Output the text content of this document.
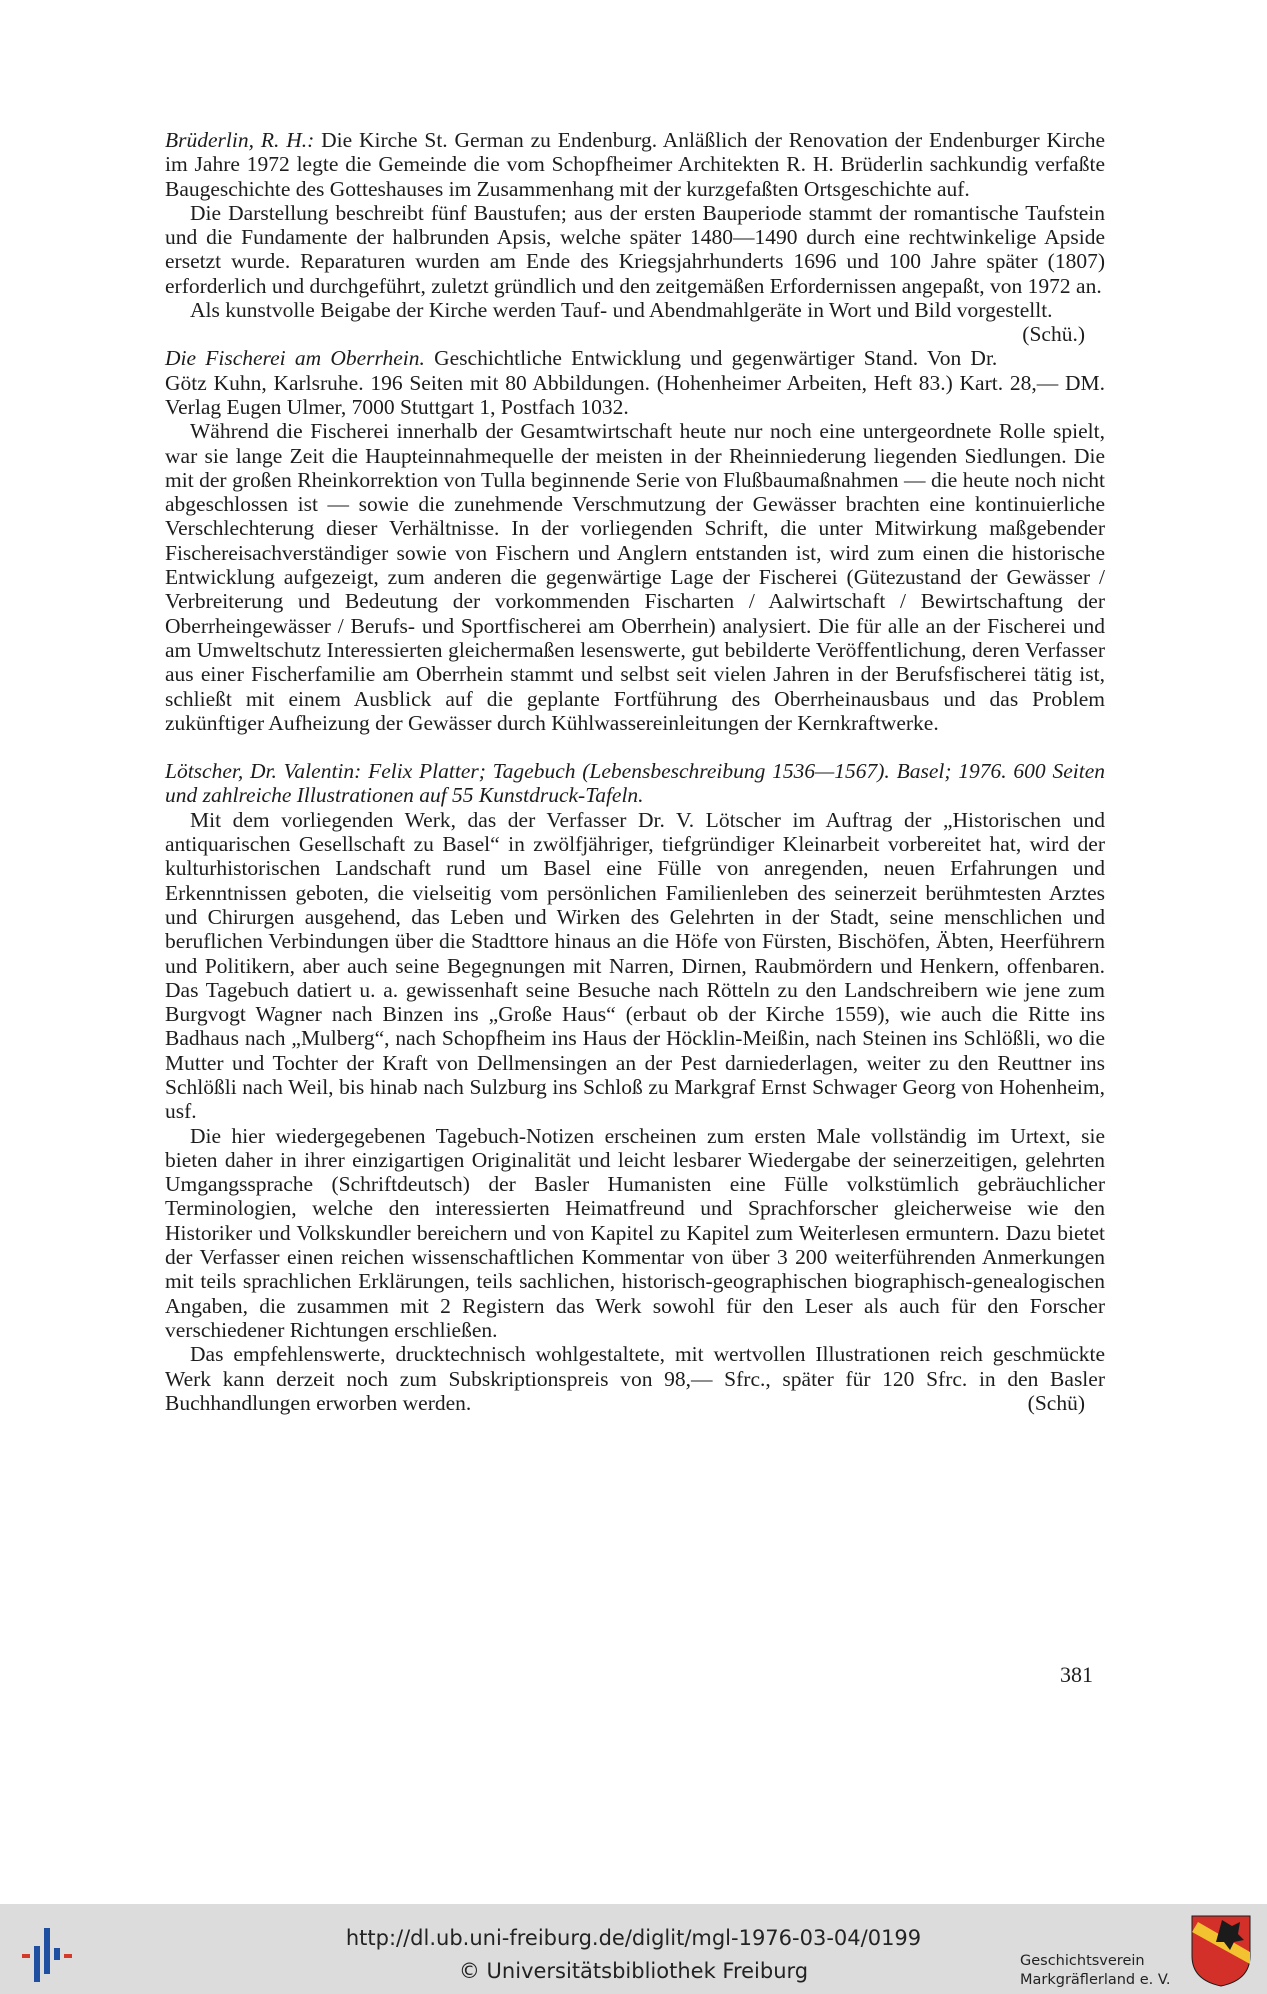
Brüderlin, R. H.: Die Kirche St. German zu Endenburg. Anläßlich der Renovation der Endenburger Kirche im Jahre 1972 legte die Gemeinde die vom Schopfheimer Architekten R. H. Brüderlin sachkundig verfaßte Baugeschichte des Gotteshauses im Zusammenhang mit der kurzgefaßten Ortsgeschichte auf.

Die Darstellung beschreibt fünf Baustufen; aus der ersten Bauperiode stammt der romantische Taufstein und die Fundamente der halbrunden Apsis, welche später 1480—1490 durch eine rechtwinkelige Apside ersetzt wurde. Reparaturen wurden am Ende des Kriegsjahrhunderts 1696 und 100 Jahre später (1807) erforderlich und durchgeführt, zuletzt gründlich und den zeitgemäßen Erfordernissen angepaßt, von 1972 an.

Als kunstvolle Beigabe der Kirche werden Tauf- und Abendmahlgeräte in Wort und Bild vorgestellt.
(Schü.)

Die Fischerei am Oberrhein. Geschichtliche Entwicklung und gegenwärtiger Stand. Von Dr. Götz Kuhn, Karlsruhe. 196 Seiten mit 80 Abbildungen. (Hohenheimer Arbeiten, Heft 83.) Kart. 28,— DM. Verlag Eugen Ulmer, 7000 Stuttgart 1, Postfach 1032.

Während die Fischerei innerhalb der Gesamtwirtschaft heute nur noch eine untergeordnete Rolle spielt, war sie lange Zeit die Haupteinnahmequelle der meisten in der Rheinniederung liegenden Siedlungen. Die mit der großen Rheinkorrektion von Tulla beginnende Serie von Flußbaumaßnahmen — die heute noch nicht abgeschlossen ist — sowie die zunehmende Verschmutzung der Gewässer brachten eine kontinuierliche Verschlechterung dieser Verhältnisse. In der vorliegenden Schrift, die unter Mitwirkung maßgebender Fischereisachverständiger sowie von Fischern und Anglern entstanden ist, wird zum einen die historische Entwicklung aufgezeigt, zum anderen die gegenwärtige Lage der Fischerei (Gütezustand der Gewässer / Verbreiterung und Bedeutung der vorkommenden Fischarten / Aalwirtschaft / Bewirtschaftung der Oberrheingewässer / Berufs- und Sportfischerei am Oberrhein) analysiert. Die für alle an der Fischerei und am Umweltschutz Interessierten gleichermaßen lesenswerte, gut bebilderte Veröffentlichung, deren Verfasser aus einer Fischerfamilie am Oberrhein stammt und selbst seit vielen Jahren in der Berufsfischerei tätig ist, schließt mit einem Ausblick auf die geplante Fortführung des Oberrheinausbaus und das Problem zukünftiger Aufheizung der Gewässer durch Kühlwassereinleitungen der Kernkraftwerke.

Lötscher, Dr. Valentin: Felix Platter; Tagebuch (Lebensbeschreibung 1536—1567). Basel; 1976. 600 Seiten und zahlreiche Illustrationen auf 55 Kunstdruck-Tafeln.

Mit dem vorliegenden Werk, das der Verfasser Dr. V. Lötscher im Auftrag der „Historischen und antiquarischen Gesellschaft zu Basel“ in zwölfjähriger, tiefgründiger Kleinarbeit vorbereitet hat, wird der kulturhistorischen Landschaft rund um Basel eine Fülle von anregenden, neuen Erfahrungen und Erkenntnissen geboten, die vielseitig vom persönlichen Familienleben des seinerzeit berühmtesten Arztes und Chirurgen ausgehend, das Leben und Wirken des Gelehrten in der Stadt, seine menschlichen und beruflichen Verbindungen über die Stadttore hinaus an die Höfe von Fürsten, Bischöfen, Äbten, Heerführern und Politikern, aber auch seine Begegnungen mit Narren, Dirnen, Raubmördern und Henkern, offenbaren. Das Tagebuch datiert u. a. gewissenhaft seine Besuche nach Rötteln zu den Landschreibern wie jene zum Burgvogt Wagner nach Binzen ins „Große Haus“ (erbaut ob der Kirche 1559), wie auch die Ritte ins Badhaus nach „Mulberg“, nach Schopfheim ins Haus der Höcklin-Meißin, nach Steinen ins Schlößli, wo die Mutter und Tochter der Kraft von Dellmensingen an der Pest darniederlagen, weiter zu den Reuttner ins Schlößli nach Weil, bis hinab nach Sulzburg ins Schloß zu Markgraf Ernst Schwager Georg von Hohenheim, usf.

Die hier wiedergegebenen Tagebuch-Notizen erscheinen zum ersten Male vollständig im Urtext, sie bieten daher in ihrer einzigartigen Originalität und leicht lesbarer Wiedergabe der seinerzeitigen, gelehrten Umgangssprache (Schriftdeutsch) der Basler Humanisten eine Fülle volkstümlich gebräuchlicher Terminologien, welche den interessierten Heimatfreund und Sprachforscher gleicherweise wie den Historiker und Volkskundler bereichern und von Kapitel zu Kapitel zum Weiterlesen ermuntern. Dazu bietet der Verfasser einen reichen wissenschaftlichen Kommentar von über 3 200 weiterführenden Anmerkungen mit teils sprachlichen Erklärungen, teils sachlichen, historisch-geographischen biographisch-genealogischen Angaben, die zusammen mit 2 Registern das Werk sowohl für den Leser als auch für den Forscher verschiedener Richtungen erschließen.

Das empfehlenswerte, drucktechnisch wohlgestaltete, mit wertvollen Illustrationen reich geschmückte Werk kann derzeit noch zum Subskriptionspreis von 98,— Sfrc., später für 120 Sfrc. in den Basler Buchhandlungen erworben werden.	(Schü)

381
http://dl.ub.uni-freiburg.de/diglit/mgl-1976-03-04/0199
© Universitätsbibliothek Freiburg	Geschichtsverein
Markgräflerland e. V.
